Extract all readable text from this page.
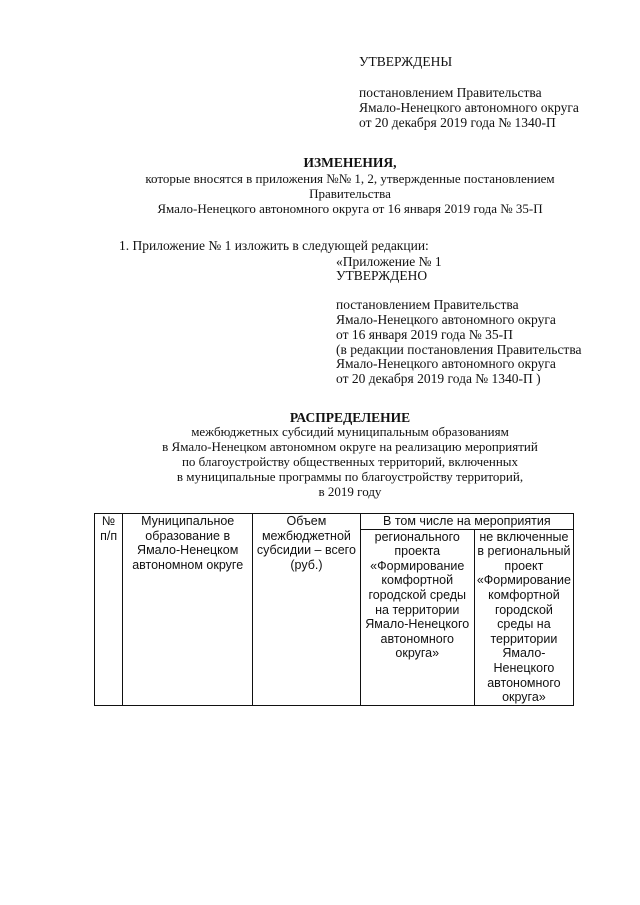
УТВЕРЖДЕНЫ
постановлением Правительства
Ямало-Ненецкого автономного округа
от 20 декабря 2019 года № 1340-П
ИЗМЕНЕНИЯ,
которые вносятся в приложения №№ 1, 2, утвержденные постановлением
Правительства
Ямало-Ненецкого автономного округа от 16 января 2019 года № 35-П
1. Приложение № 1 изложить в следующей редакции:
«Приложение № 1
УТВЕРЖДЕНО
постановлением Правительства
Ямало-Ненецкого автономного округа
от 16 января 2019 года № 35-П
(в редакции постановления Правительства
Ямало-Ненецкого автономного округа
от 20 декабря 2019 года № 1340-П )
РАСПРЕДЕЛЕНИЕ
межбюджетных субсидий муниципальным образованиям
в Ямало-Ненецком автономном округе на реализацию мероприятий
по благоустройству общественных территорий, включенных
в муниципальные программы по благоустройству территорий,
в 2019 году
№ п/п	Муниципальное образование в Ямало-Ненецком автономном округе	Объем межбюджетной субсидии – всего (руб.)	В том числе на мероприятия	
			регионального проекта «Формирование комфортной городской среды на территории Ямало-Ненецкого автономного округа»	не включенные в региональный проект «Формирование комфортной городской среды на территории Ямало-Ненецкого автономного округа»
